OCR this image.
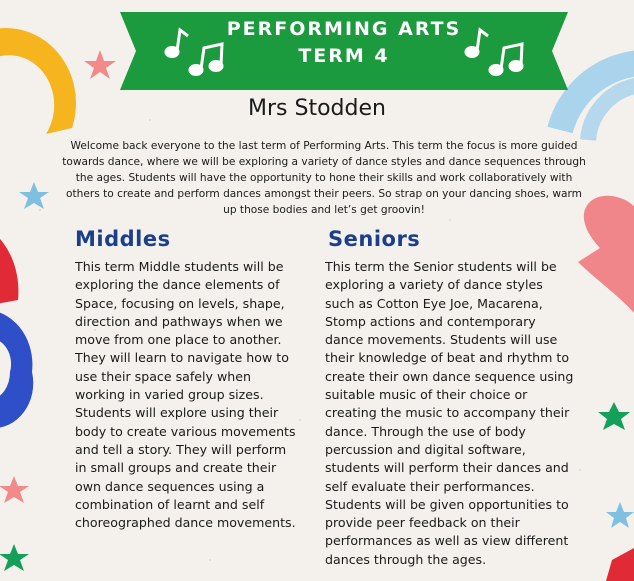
PERFORMING ARTS
TERM 4
Mrs Stodden
Welcome back everyone to the last term of Performing Arts. This term the focus is more guided towards dance, where we will be exploring a variety of dance styles and dance sequences through the ages. Students will have the opportunity to hone their skills and work collaboratively with others to create and perform dances amongst their peers. So strap on your dancing shoes, warm up those bodies and let’s get groovin!
Middles
This term Middle students will be exploring the dance elements of Space, focusing on levels, shape, direction and pathways when we move from one place to another. They will learn to navigate how to use their space safely when working in varied group sizes. Students will explore using their body to create various movements and tell a story. They will perform in small groups and create their own dance sequences using a combination of learnt and self choreographed dance movements.
Seniors
This term the Senior students will be exploring a variety of dance styles such as Cotton Eye Joe, Macarena, Stomp actions and contemporary dance movements. Students will use their knowledge of beat and rhythm to create their own dance sequence using suitable music of their choice or creating the music to accompany their dance. Through the use of body percussion and digital software, students will perform their dances and self evaluate their performances. Students will be given opportunities to provide peer feedback on their performances as well as view different dances through the ages.
